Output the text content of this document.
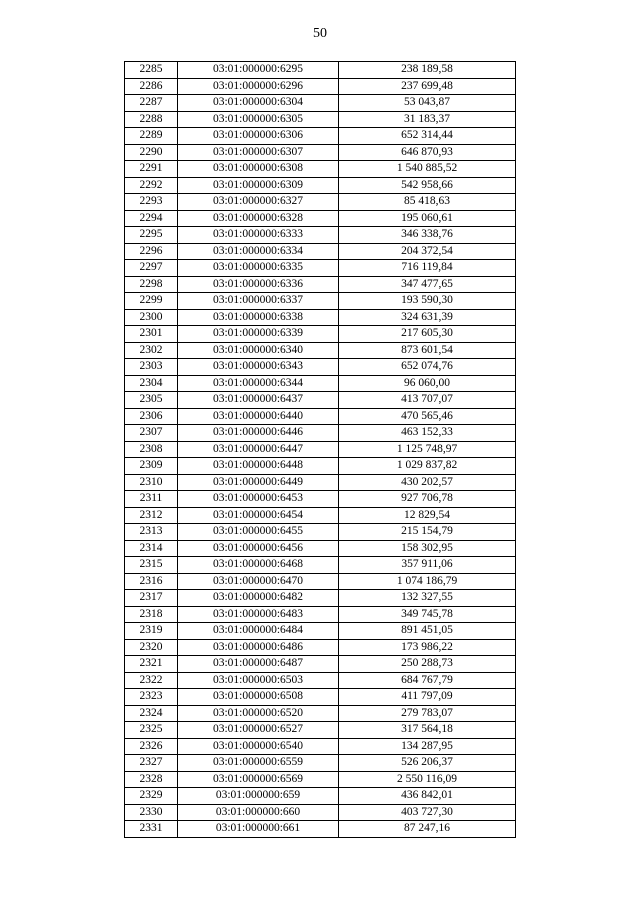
50
2285	03:01:000000:6295	238 189,58
2286	03:01:000000:6296	237 699,48
2287	03:01:000000:6304	53 043,87
2288	03:01:000000:6305	31 183,37
2289	03:01:000000:6306	652 314,44
2290	03:01:000000:6307	646 870,93
2291	03:01:000000:6308	1 540 885,52
2292	03:01:000000:6309	542 958,66
2293	03:01:000000:6327	85 418,63
2294	03:01:000000:6328	195 060,61
2295	03:01:000000:6333	346 338,76
2296	03:01:000000:6334	204 372,54
2297	03:01:000000:6335	716 119,84
2298	03:01:000000:6336	347 477,65
2299	03:01:000000:6337	193 590,30
2300	03:01:000000:6338	324 631,39
2301	03:01:000000:6339	217 605,30
2302	03:01:000000:6340	873 601,54
2303	03:01:000000:6343	652 074,76
2304	03:01:000000:6344	96 060,00
2305	03:01:000000:6437	413 707,07
2306	03:01:000000:6440	470 565,46
2307	03:01:000000:6446	463 152,33
2308	03:01:000000:6447	1 125 748,97
2309	03:01:000000:6448	1 029 837,82
2310	03:01:000000:6449	430 202,57
2311	03:01:000000:6453	927 706,78
2312	03:01:000000:6454	12 829,54
2313	03:01:000000:6455	215 154,79
2314	03:01:000000:6456	158 302,95
2315	03:01:000000:6468	357 911,06
2316	03:01:000000:6470	1 074 186,79
2317	03:01:000000:6482	132 327,55
2318	03:01:000000:6483	349 745,78
2319	03:01:000000:6484	891 451,05
2320	03:01:000000:6486	173 986,22
2321	03:01:000000:6487	250 288,73
2322	03:01:000000:6503	684 767,79
2323	03:01:000000:6508	411 797,09
2324	03:01:000000:6520	279 783,07
2325	03:01:000000:6527	317 564,18
2326	03:01:000000:6540	134 287,95
2327	03:01:000000:6559	526 206,37
2328	03:01:000000:6569	2 550 116,09
2329	03:01:000000:659	436 842,01
2330	03:01:000000:660	403 727,30
2331	03:01:000000:661	87 247,16
